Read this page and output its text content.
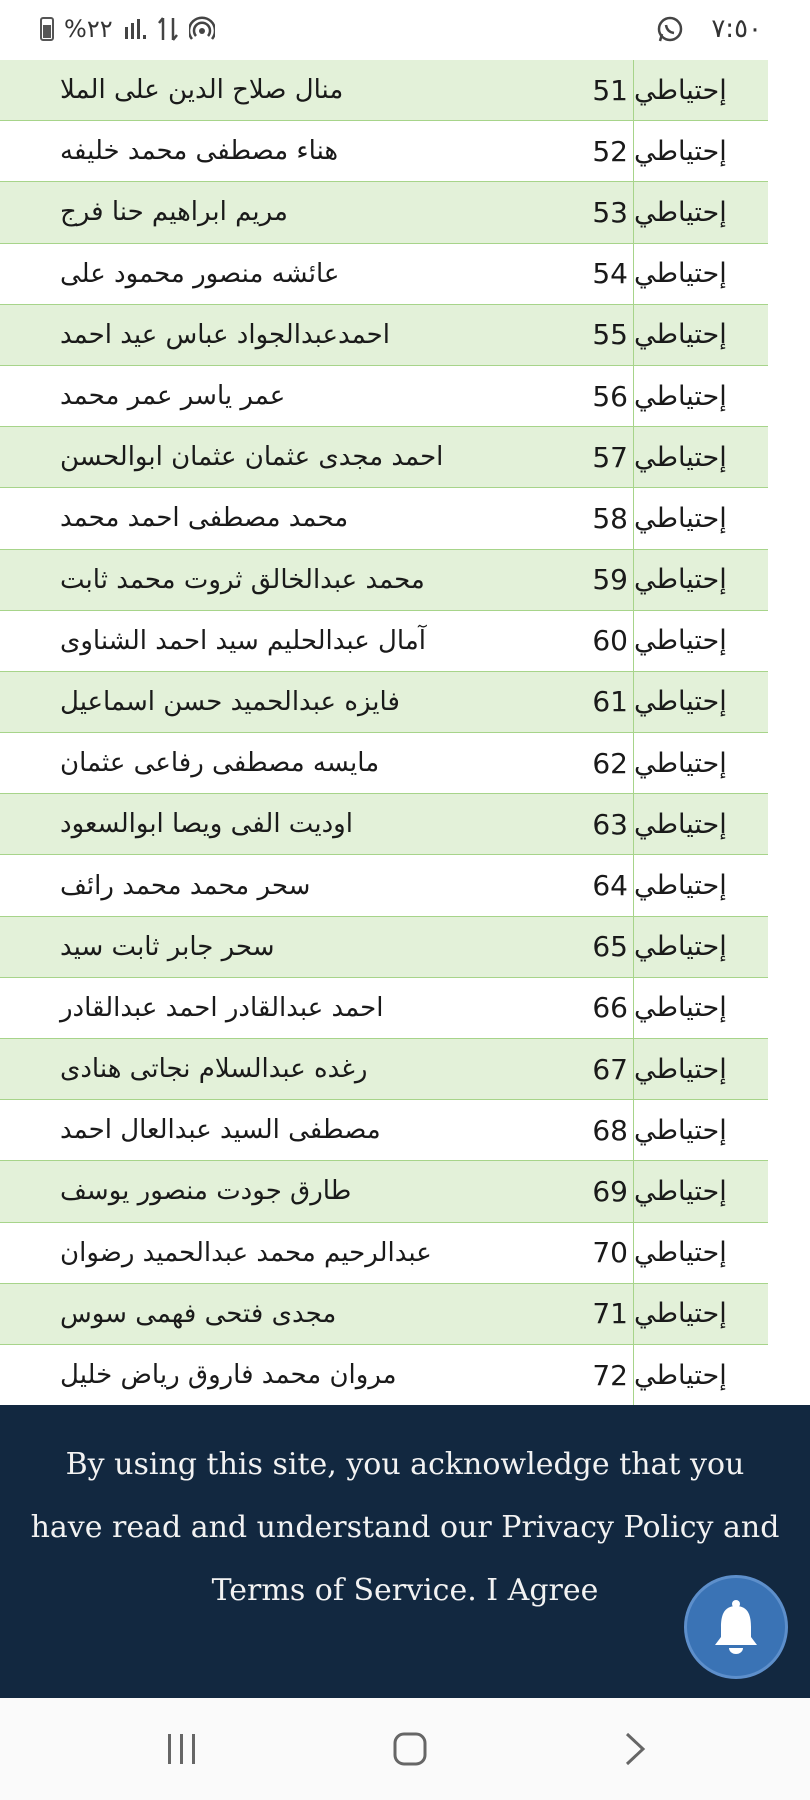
%٢٢	٧:٥٠
منال صلاح الدين على الملا	51 إحتياطي
هناء مصطفى محمد خليفه	52 إحتياطي
مريم ابراهيم حنا فرج	53 إحتياطي
عائشه منصور محمود على	54 إحتياطي
احمدعبدالجواد عباس عيد احمد	55 إحتياطي
عمر ياسر عمر محمد	56 إحتياطي
احمد مجدى عثمان عثمان ابوالحسن	57 إحتياطي
محمد مصطفى احمد محمد	58 إحتياطي
محمد عبدالخالق ثروت محمد ثابت	59 إحتياطي
آمال عبدالحليم سيد احمد الشناوى	60 إحتياطي
فايزه عبدالحميد حسن اسماعيل	61 إحتياطي
مايسه مصطفى رفاعى عثمان	62 إحتياطي
اوديت الفى ويصا ابوالسعود	63 إحتياطي
سحر محمد محمد رائف	64 إحتياطي
سحر جابر ثابت سيد	65 إحتياطي
احمد عبدالقادر احمد عبدالقادر	66 إحتياطي
رغده عبدالسلام نجاتى هنادى	67 إحتياطي
مصطفى السيد عبدالعال احمد	68 إحتياطي
طارق جودت منصور يوسف	69 إحتياطي
عبدالرحيم محمد عبدالحميد رضوان	70 إحتياطي
مجدى فتحى فهمى سوس	71 إحتياطي
مروان محمد فاروق رياض خليل	72 إحتياطي

By using this site, you acknowledge that you have read and understand our Privacy Policy and Terms of Service. I Agree
